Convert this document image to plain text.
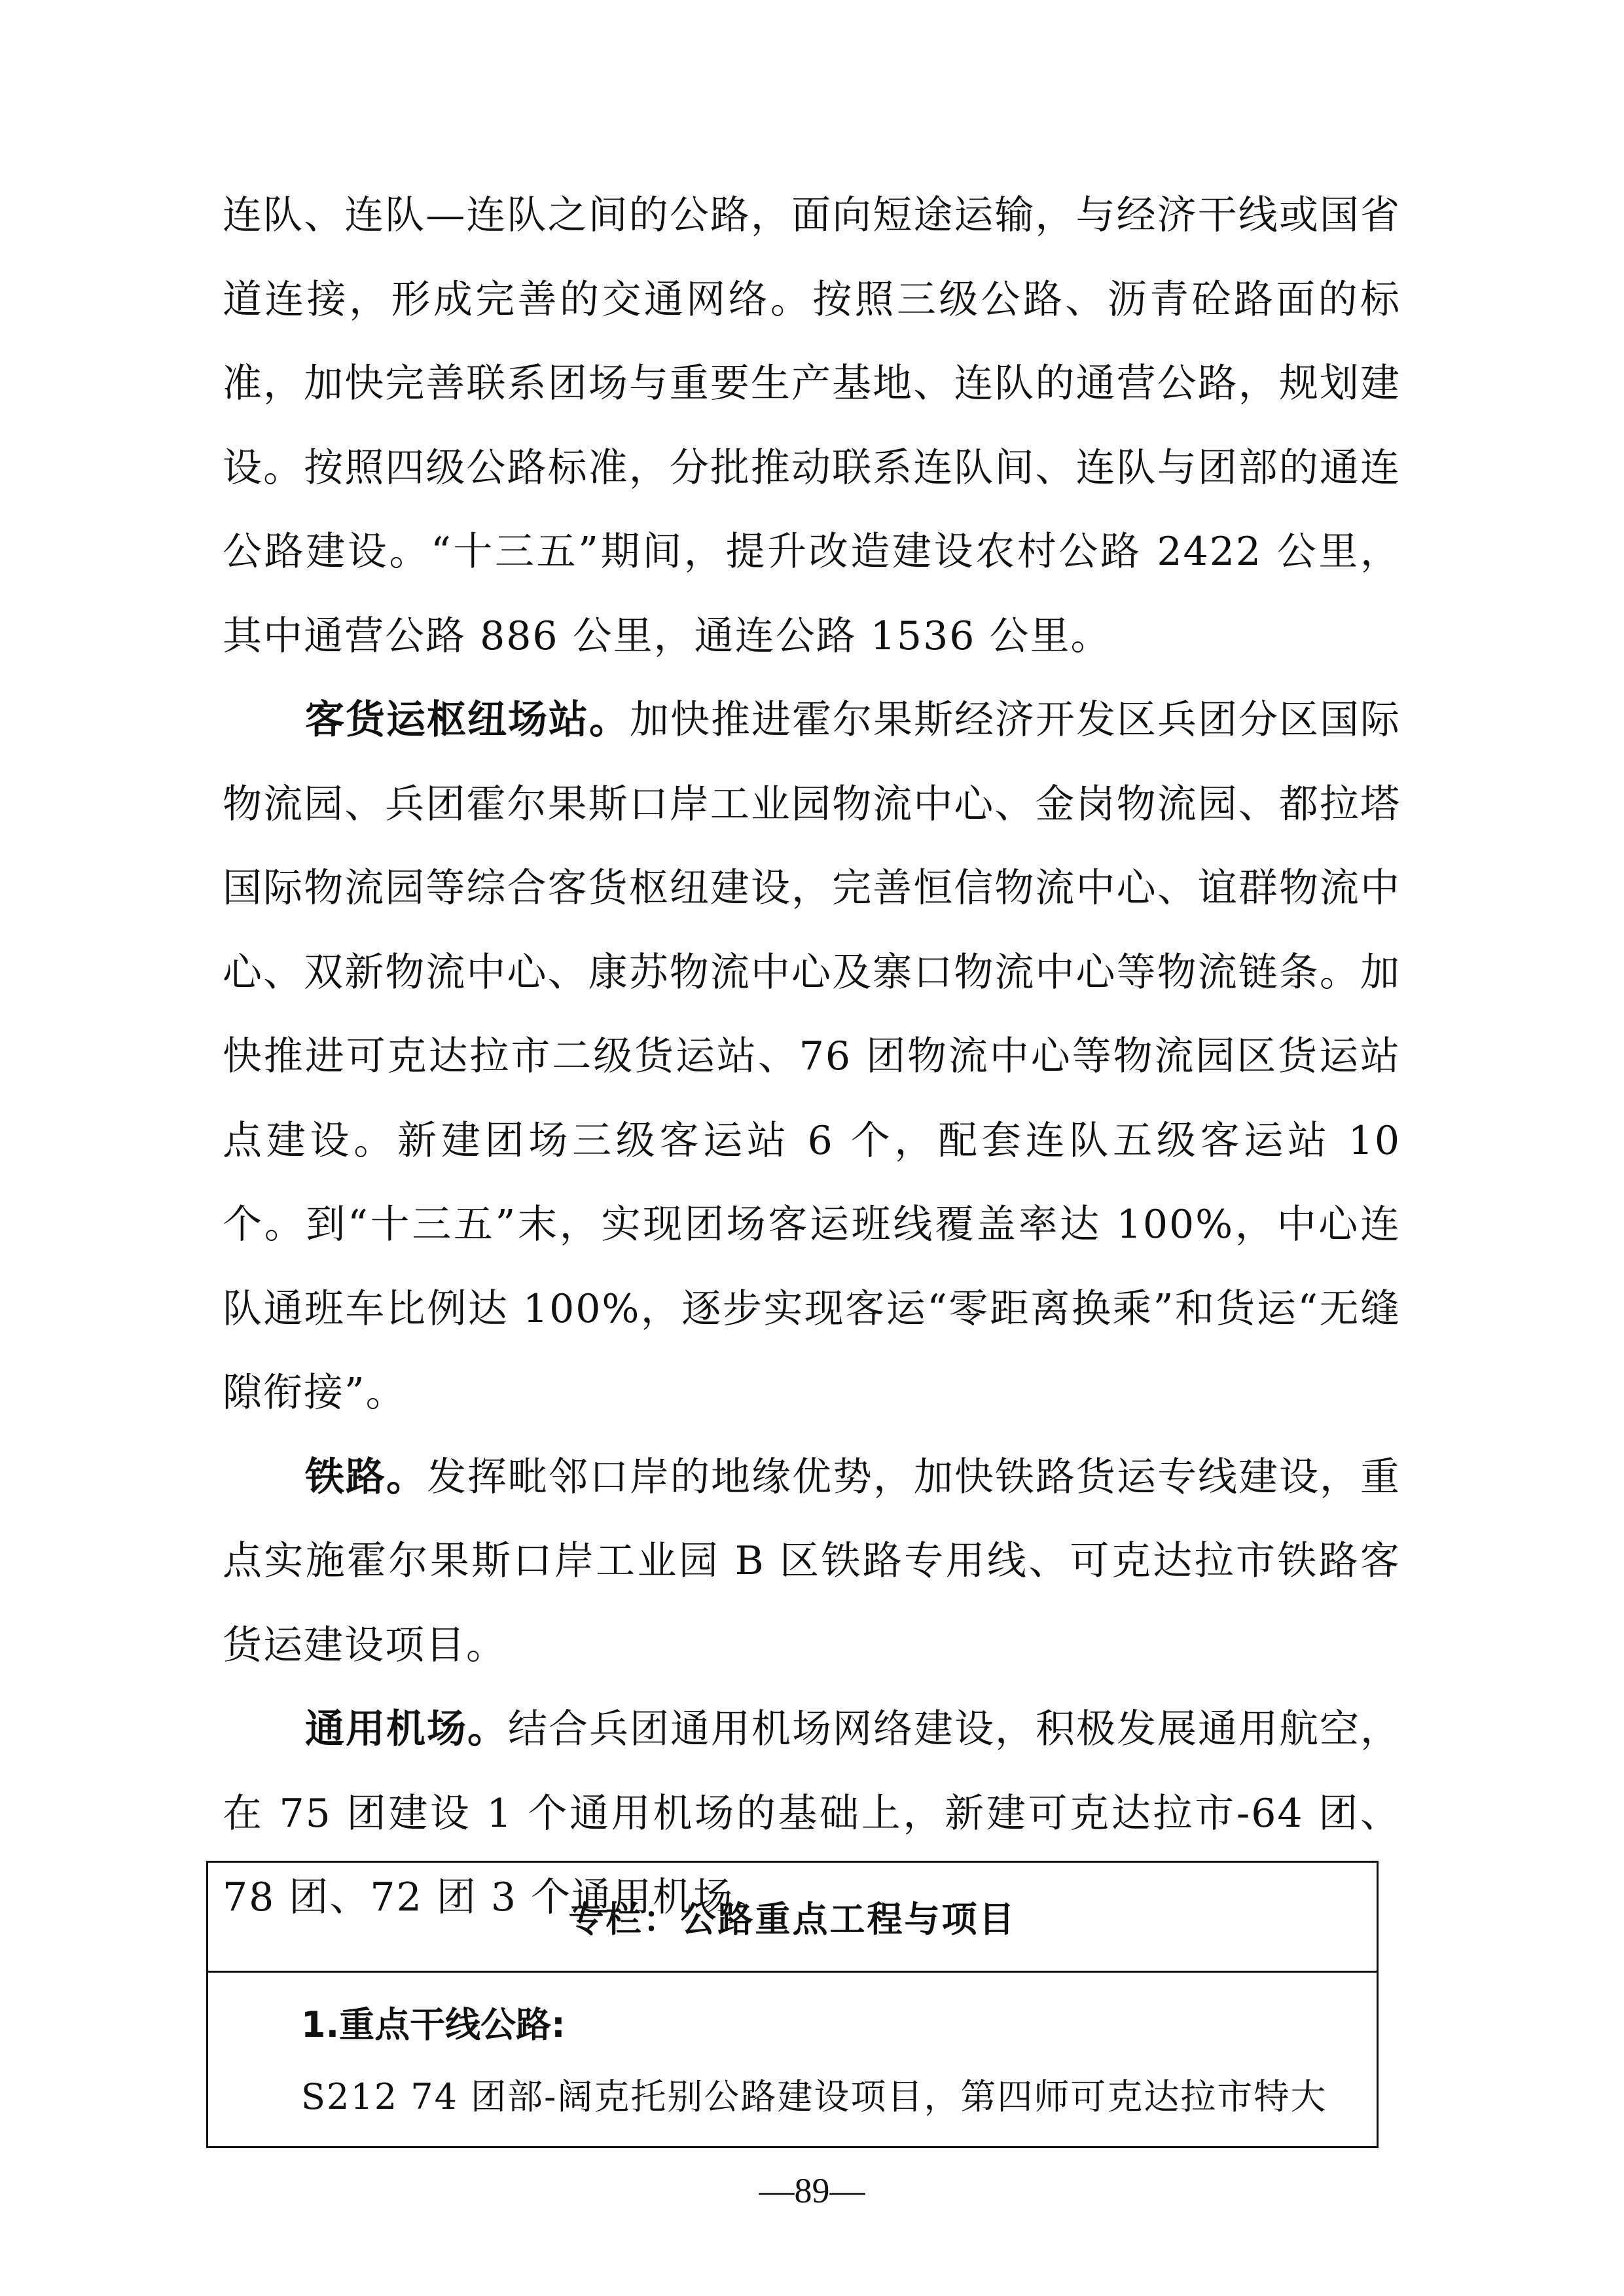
连队、连队—连队之间的公路，面向短途运输，与经济干线或国省道连接，形成完善的交通网络。按照三级公路、沥青砼路面的标准，加快完善联系团场与重要生产基地、连队的通营公路，规划建设。按照四级公路标准，分批推动联系连队间、连队与团部的通连公路建设。“十三五”期间，提升改造建设农村公路 2422 公里，其中通营公路 886 公里，通连公路 1536 公里。

客货运枢纽场站。加快推进霍尔果斯经济开发区兵团分区国际物流园、兵团霍尔果斯口岸工业园物流中心、金岗物流园、都拉塔国际物流园等综合客货枢纽建设，完善恒信物流中心、谊群物流中心、双新物流中心、康苏物流中心及寨口物流中心等物流链条。加快推进可克达拉市二级货运站、76 团物流中心等物流园区货运站点建设。新建团场三级客运站 6 个，配套连队五级客运站 10 个。到“十三五”末，实现团场客运班线覆盖率达 100%，中心连队通班车比例达 100%，逐步实现客运“零距离换乘”和货运“无缝隙衔接”。

铁路。发挥毗邻口岸的地缘优势，加快铁路货运专线建设，重点实施霍尔果斯口岸工业园 B 区铁路专用线、可克达拉市铁路客货运建设项目。

通用机场。结合兵团通用机场网络建设，积极发展通用航空，在 75 团建设 1 个通用机场的基础上，新建可克达拉市-64 团、78 团、72 团 3 个通用机场。

专栏：公路重点工程与项目

1.重点干线公路:

S212 74 团部-阔克托别公路建设项目，第四师可克达拉市特大

—89—
